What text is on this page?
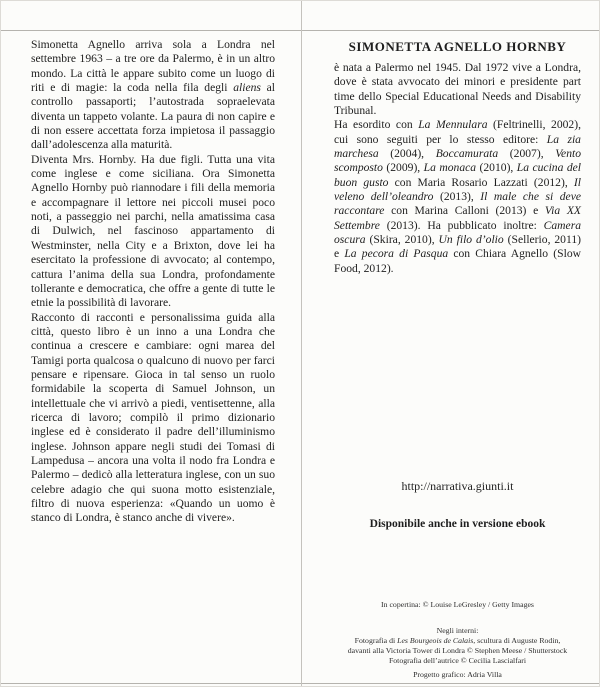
Simonetta Agnello arriva sola a Londra nel settembre 1963 – a tre ore da Palermo, è in un altro mondo. La città le appare subito come un luogo di riti e di magie: la coda nella fila degli aliens al controllo passaporti; l’autostrada sopraelevata diventa un tappeto volante. La paura di non capire e di non essere accettata forza impietosa il passaggio dall’adolescenza alla maturità.

Diventa Mrs. Hornby. Ha due figli. Tutta una vita come inglese e come siciliana. Ora Simonetta Agnello Hornby può riannodare i fili della memoria e accompagnare il lettore nei piccoli musei poco noti, a passeggio nei parchi, nella amatissima casa di Dulwich, nel fascinoso appartamento di Westminster, nella City e a Brixton, dove lei ha esercitato la professione di avvocato; al contempo, cattura l’anima della sua Londra, profondamente tollerante e democratica, che offre a gente di tutte le etnie la possibilità di lavorare.

Racconto di racconti e personalissima guida alla città, questo libro è un inno a una Londra che continua a crescere e cambiare: ogni marea del Tamigi porta qualcosa o qualcuno di nuovo per farci pensare e ripensare. Gioca in tal senso un ruolo formidabile la scoperta di Samuel Johnson, un intellettuale che vi arrivò a piedi, ventisettenne, alla ricerca di lavoro; compilò il primo dizionario inglese ed è considerato il padre dell’illuminismo inglese. Johnson appare negli studi dei Tomasi di Lampedusa – ancora una volta il nodo fra Londra e Palermo – dedicò alla letteratura inglese, con un suo celebre adagio che qui suona motto esistenziale, filtro di nuova esperienza: «Quando un uomo è stanco di Londra, è stanco anche di vivere».

SIMONETTA AGNELLO HORNBY

è nata a Palermo nel 1945. Dal 1972 vive a Londra, dove è stata avvocato dei minori e presidente part time dello Special Educational Needs and Disability Tribunal.

Ha esordito con La Mennulara (Feltrinelli, 2002), cui sono seguiti per lo stesso editore: La zia marchesa (2004), Boccamurata (2007), Vento scomposto (2009), La monaca (2010), La cucina del buon gusto con Maria Rosario Lazzati (2012), Il veleno dell’oleandro (2013), Il male che si deve raccontare con Marina Calloni (2013) e Via XX Settembre (2013). Ha pubblicato inoltre: Camera oscura (Skira, 2010), Un filo d’olio (Sellerio, 2011) e La pecora di Pasqua con Chiara Agnello (Slow Food, 2012).

http://narrativa.giunti.it
Disponibile anche in versione ebook
In copertina: © Louise LeGresley / Getty Images
Negli interni:
Fotografia di Les Bourgeois de Calais, scultura di Auguste Rodin,
davanti alla Victoria Tower di Londra © Stephen Meese / Shutterstock
Fotografia dell’autrice © Cecilia Lascialfari
Progetto grafico: Adria Villa
